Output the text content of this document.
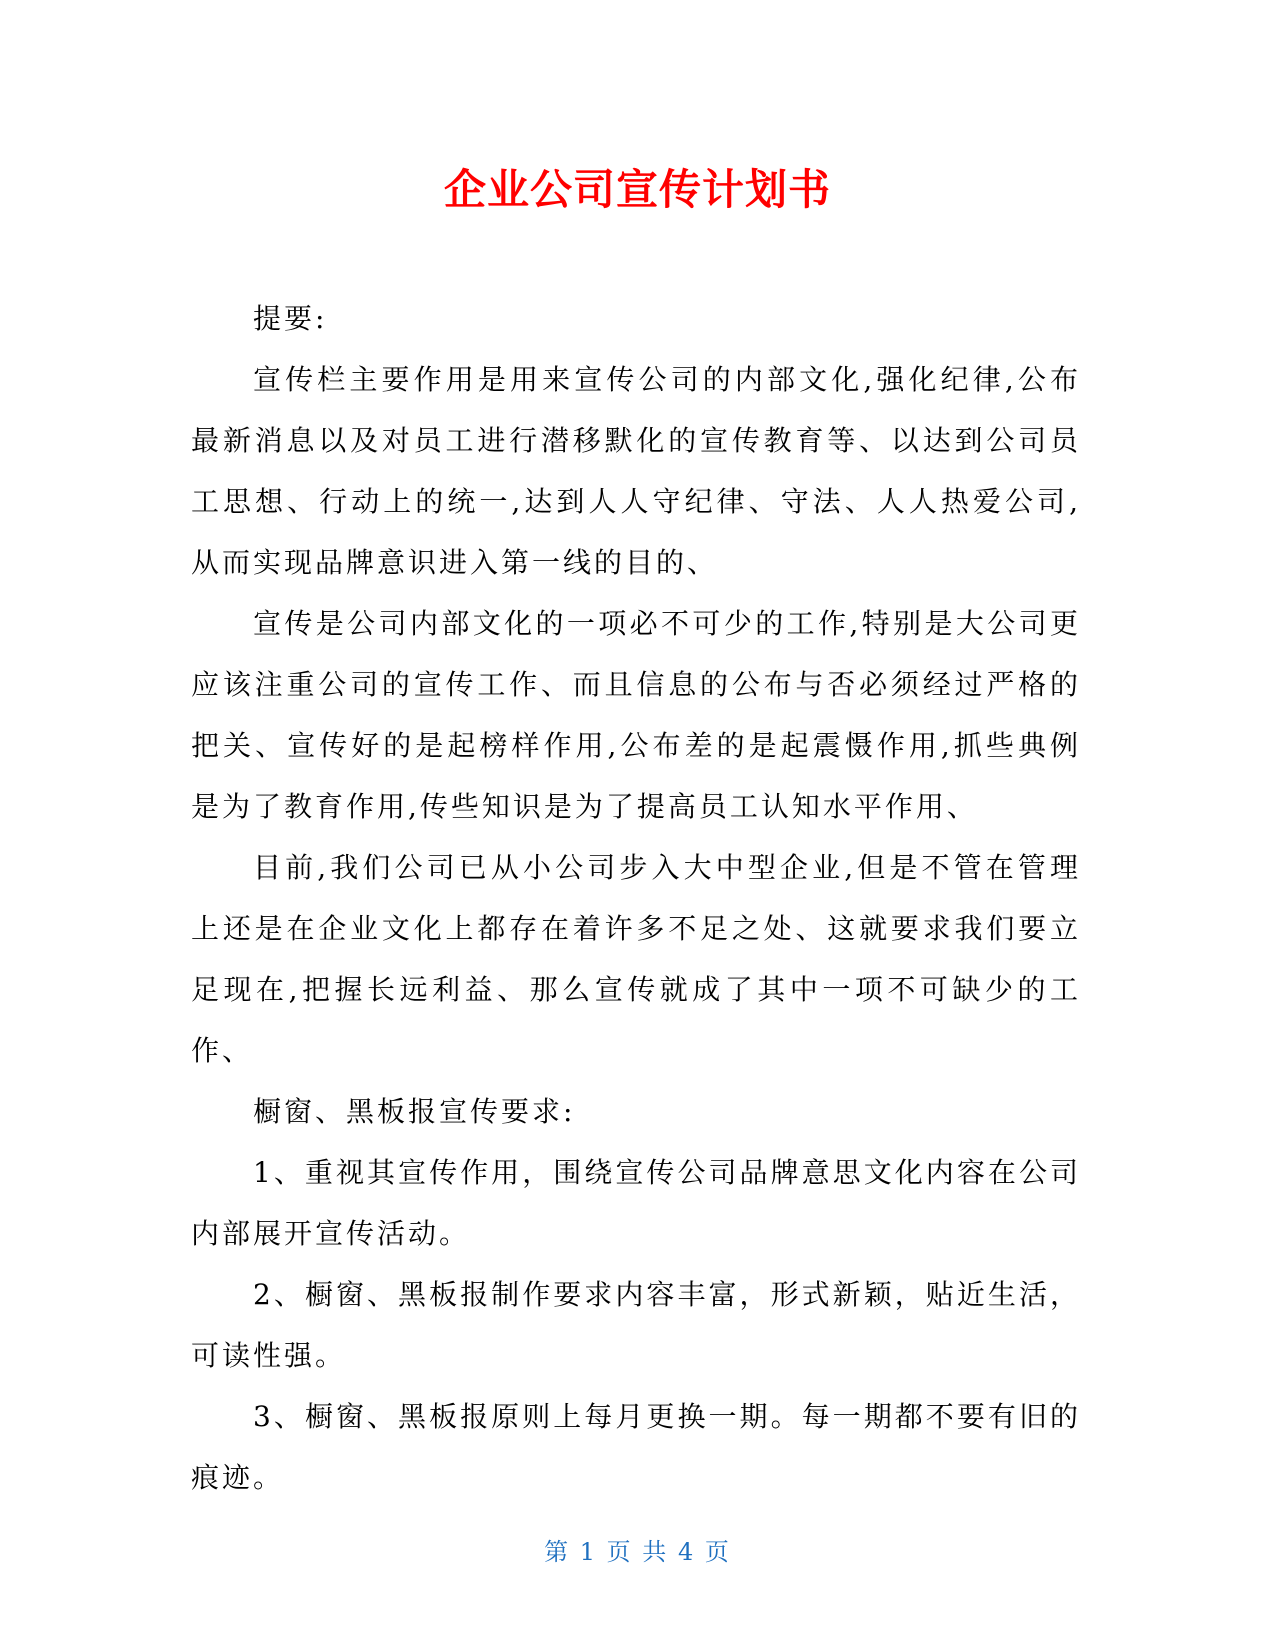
企业公司宣传计划书

提要:

宣传栏主要作用是用来宣传公司的内部文化,强化纪律,公布最新消息以及对员工进行潜移默化的宣传教育等、以达到公司员工思想、行动上的统一,达到人人守纪律、守法、人人热爱公司,从而实现品牌意识进入第一线的目的、

宣传是公司内部文化的一项必不可少的工作,特别是大公司更应该注重公司的宣传工作、而且信息的公布与否必须经过严格的把关、宣传好的是起榜样作用,公布差的是起震慑作用,抓些典例是为了教育作用,传些知识是为了提高员工认知水平作用、

目前,我们公司已从小公司步入大中型企业,但是不管在管理上还是在企业文化上都存在着许多不足之处、这就要求我们要立足现在,把握长远利益、那么宣传就成了其中一项不可缺少的工作、

橱窗、黑板报宣传要求:

1、重视其宣传作用，围绕宣传公司品牌意思文化内容在公司内部展开宣传活动。

2、橱窗、黑板报制作要求内容丰富，形式新颖，贴近生活，可读性强。

3、橱窗、黑板报原则上每月更换一期。每一期都不要有旧的痕迹。

第 1 页 共 4 页
